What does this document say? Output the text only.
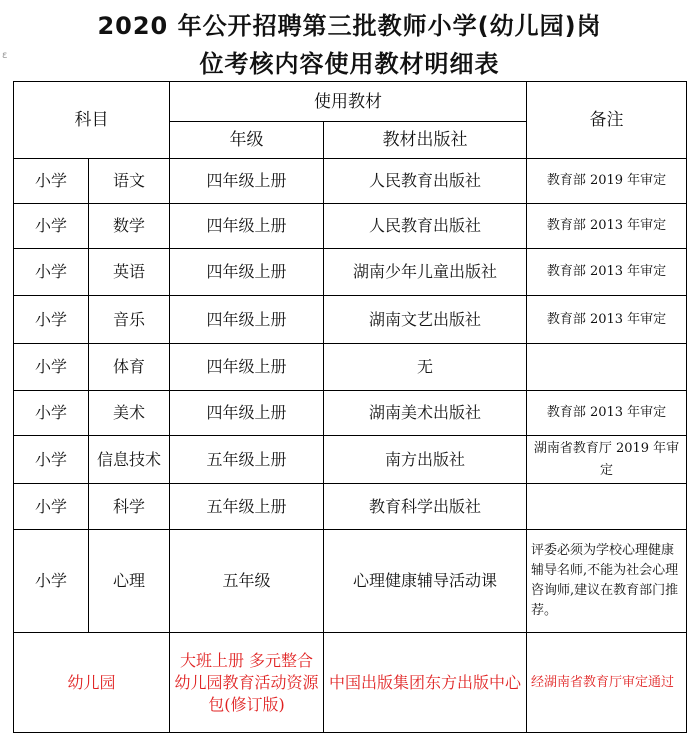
2020 年公开招聘第三批教师小学(幼儿园)岗
位考核内容使用教材明细表
ε
科目		使用教材		备注
		年级	教材出版社	
小学	语文	四年级上册	人民教育出版社	教育部 2019 年审定
小学	数学	四年级上册	人民教育出版社	教育部 2013 年审定
小学	英语	四年级上册	湖南少年儿童出版社	教育部 2013 年审定
小学	音乐	四年级上册	湖南文艺出版社	教育部 2013 年审定
小学	体育	四年级上册	无	
小学	美术	四年级上册	湖南美术出版社	教育部 2013 年审定
小学	信息技术	五年级上册	南方出版社	湖南省教育厅 2019 年审定
小学	科学	五年级上册	教育科学出版社	
小学	心理	五年级	心理健康辅导活动课	评委必须为学校心理健康辅导名师,不能为社会心理咨询师,建议在教育部门推荐。
幼儿园		大班上册 多元整合幼儿园教育活动资源包(修订版)	中国出版集团东方出版中心	经湖南省教育厅审定通过
